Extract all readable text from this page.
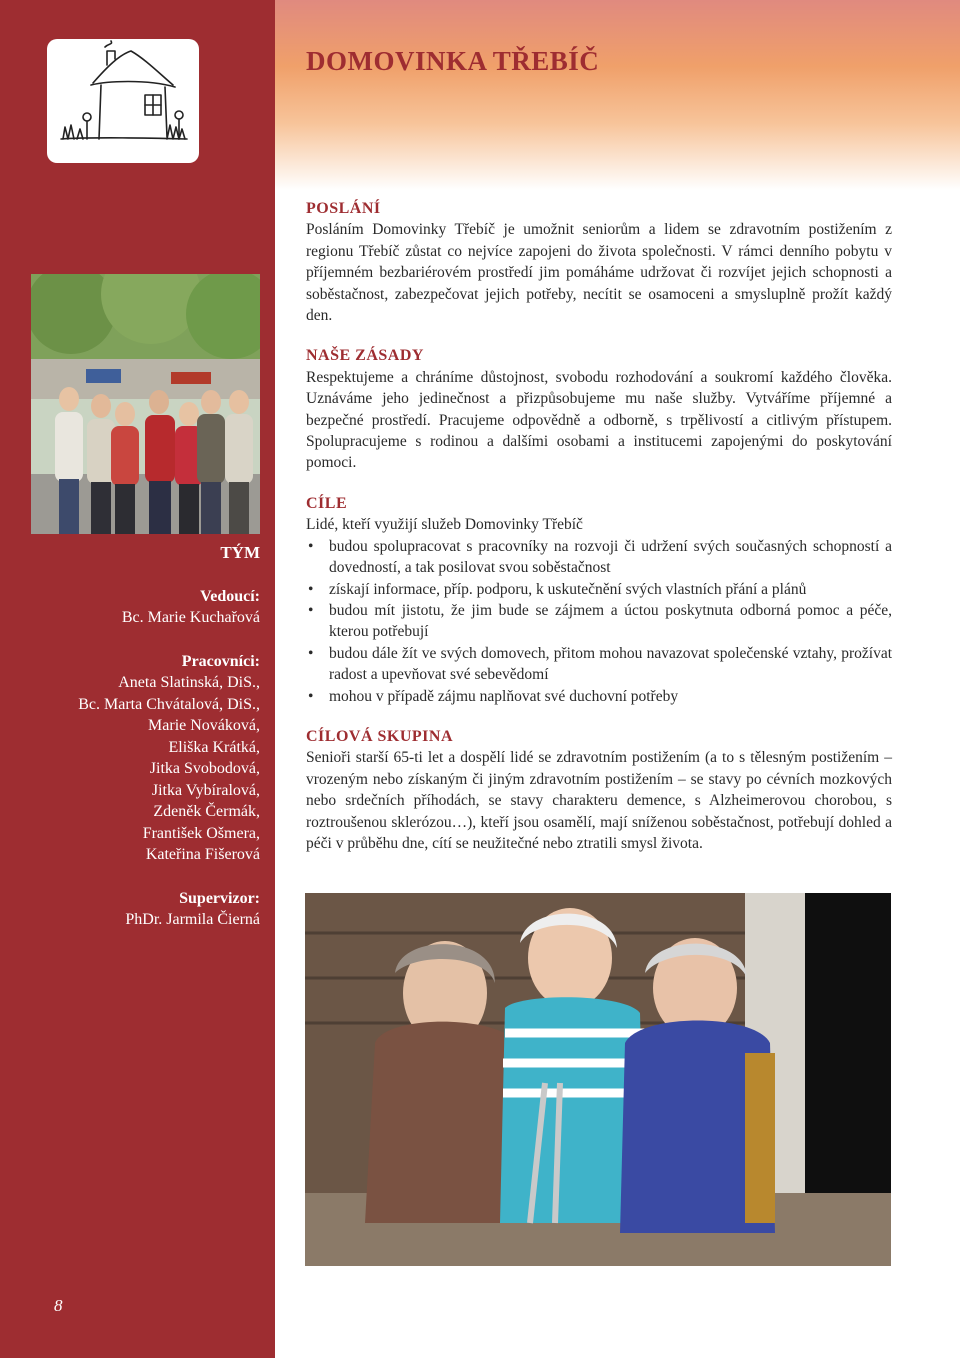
DOMOVINKA TŘEBÍČ
TÝM
Vedoucí:
Bc. Marie Kuchařová
Pracovníci:
Aneta Slatinská, DiS.,
Bc. Marta Chvátalová, DiS.,
Marie Nováková,
Eliška Krátká,
Jitka Svobodová,
Jitka Vybíralová,
Zdeněk Čermák,
František Ošmera,
Kateřina Fišerová
Supervizor:
PhDr. Jarmila Čierná
8
POSLÁNÍ
Posláním Domovinky Třebíč je umožnit seniorům a lidem se zdravotním postižením z regionu Třebíč zůstat co nejvíce zapojeni do života společnosti. V rámci denního pobytu v příjemném bezbariérovém prostředí jim pomáháme udržovat či rozvíjet jejich schopnosti a soběstačnost, zabezpečovat jejich potřeby, necítit se osamoceni a smysluplně prožít každý den.
NAŠE ZÁSADY
Respektujeme a chráníme důstojnost, svobodu rozhodování a soukromí každého člověka. Uznáváme jeho jedinečnost a přizpůsobujeme mu naše služby. Vytváříme příjemné a bezpečné prostředí. Pracujeme odpovědně a odborně, s trpělivostí a citlivým přístupem. Spolupracujeme s rodinou a dalšími osobami a institucemi zapojenými do poskytování pomoci.
CÍLE
Lidé, kteří využijí služeb Domovinky Třebíč
• budou spolupracovat s pracovníky na rozvoji či udržení svých současných schopností a dovedností, a tak posilovat svou soběstačnost
• získají informace, příp. podporu, k uskutečnění svých vlastních přání a plánů
• budou mít jistotu, že jim bude se zájmem a úctou poskytnuta odborná pomoc a péče, kterou potřebují
• budou dále žít ve svých domovech, přitom mohou navazovat společenské vztahy, prožívat radost a upevňovat své sebevědomí
• mohou v případě zájmu naplňovat své duchovní potřeby
CÍLOVÁ SKUPINA
Senioři starší 65-ti let a dospělí lidé se zdravotním postižením (a to s tělesným postižením – vrozeným nebo získaným či jiným zdravotním postižením – se stavy po cévních mozkových nebo srdečních příhodách, se stavy charakteru demence, s Alzheimerovou chorobou, s roztroušenou sklerózou…), kteří jsou osamělí, mají sníženou soběstačnost, potřebují dohled a péči v průběhu dne, cítí se neužitečné nebo ztratili smysl života.
